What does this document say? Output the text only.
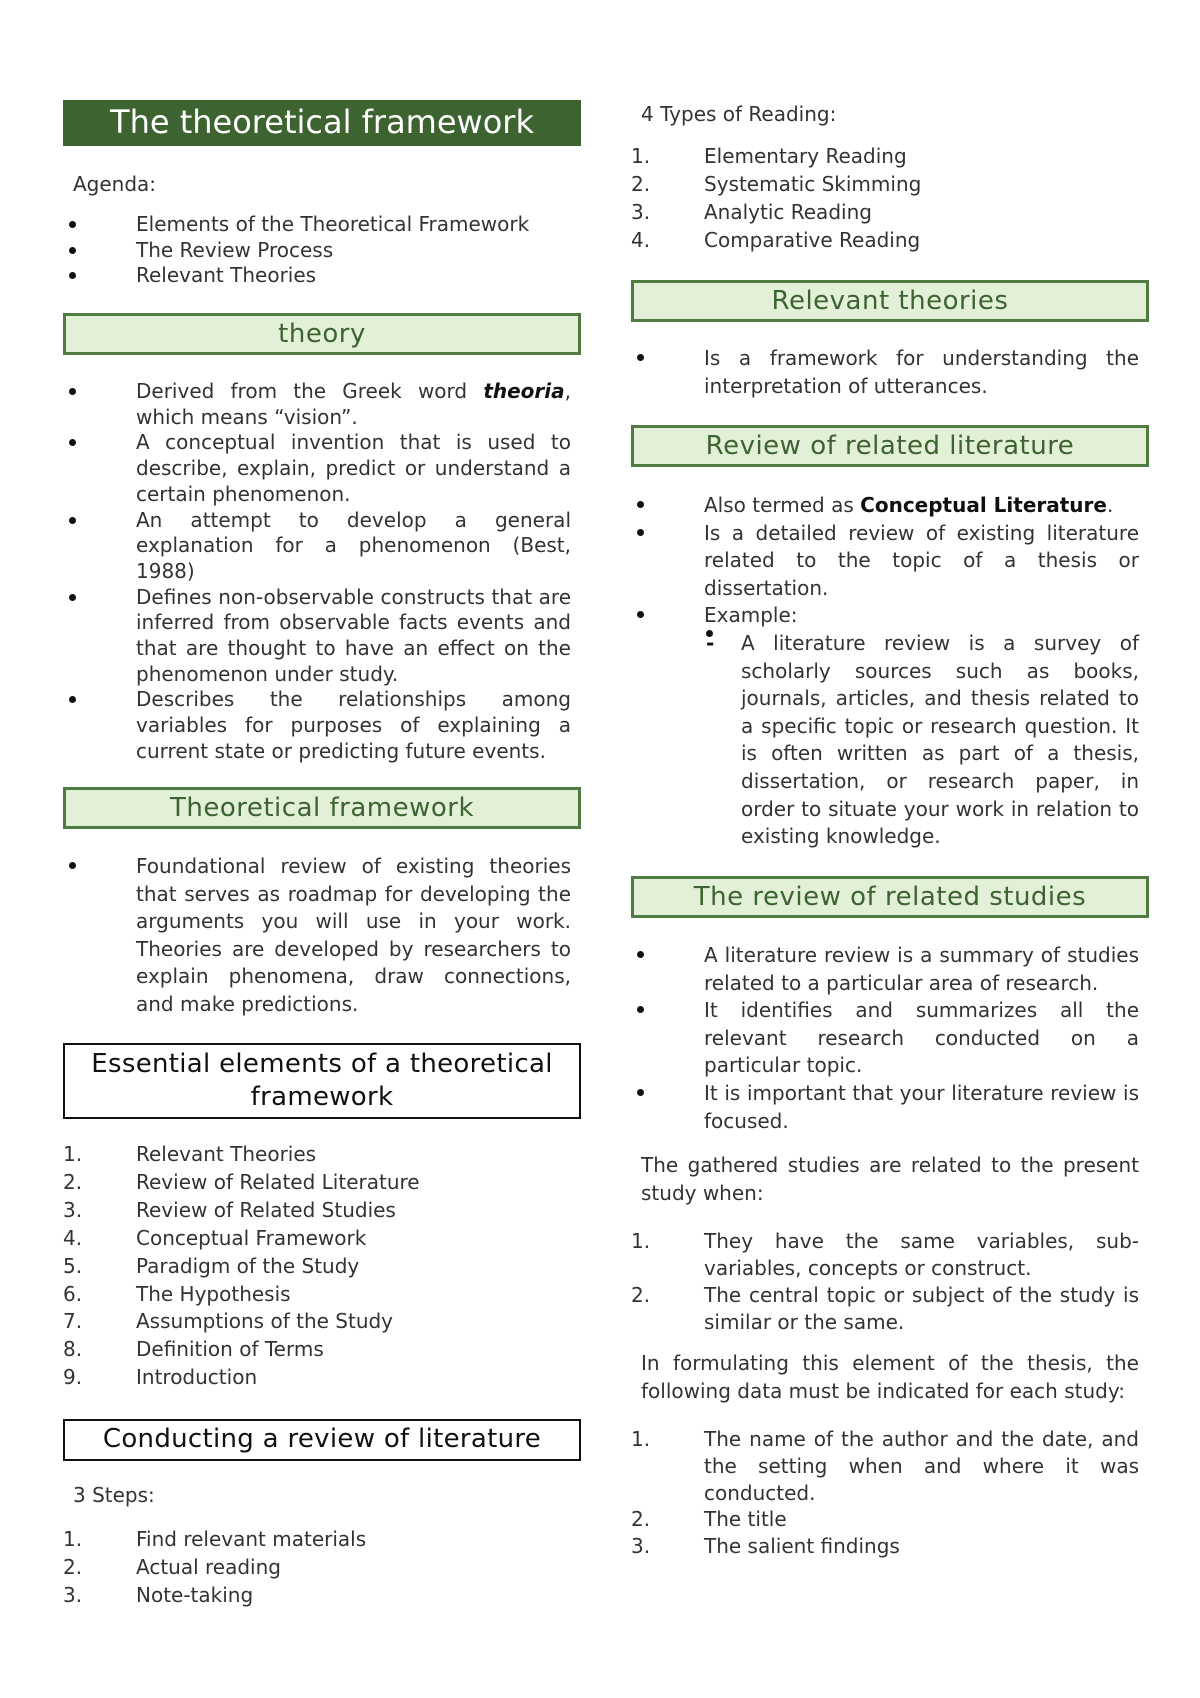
The theoretical framework

Agenda:

Elements of the Theoretical Framework
The Review Process
Relevant Theories
theory
Derived from the Greek word theoria, which means “vision”.
A conceptual invention that is used to describe, explain, predict or understand a certain phenomenon.
An attempt to develop a general explanation for a phenomenon (Best, 1988)
Defines non-observable constructs that are inferred from observable facts events and that are thought to have an effect on the phenomenon under study.
Describes the relationships among variables for purposes of explaining a current state or predicting future events.
Theoretical framework
Foundational review of existing theories that serves as roadmap for developing the arguments you will use in your work. Theories are developed by researchers to explain phenomena, draw connections, and make predictions.
Essential elements of a theoretical framework
1.	Relevant Theories
2.	Review of Related Literature
3.	Review of Related Studies
4.	Conceptual Framework
5.	Paradigm of the Study
6.	The Hypothesis
7.	Assumptions of the Study
8.	Definition of Terms
9.	Introduction
Conducting a review of literature

3 Steps:

1.	Find relevant materials
2.	Actual reading
3.	Note-taking

4 Types of Reading:

1.	Elementary Reading
2.	Systematic Skimming
3.	Analytic Reading
4.	Comparative Reading
Relevant theories
Is a framework for understanding the interpretation of utterances.
Review of related literature
Also termed as Conceptual Literature.
Is a detailed review of existing literature related to the topic of a thesis or dissertation.
Example:
- A literature review is a survey of scholarly sources such as books, journals, articles, and thesis related to a specific topic or research question. It is often written as part of a thesis, dissertation, or research paper, in order to situate your work in relation to existing knowledge.
The review of related studies
A literature review is a summary of studies related to a particular area of research.
It identifies and summarizes all the relevant research conducted on a particular topic.
It is important that your literature review is focused.

The gathered studies are related to the present study when:

1.	They have the same variables, sub-variables, concepts or construct.
2.	The central topic or subject of the study is similar or the same.

In formulating this element of the thesis, the following data must be indicated for each study:

1.	The name of the author and the date, and the setting when and where it was conducted.
2.	The title
3.	The salient findings
